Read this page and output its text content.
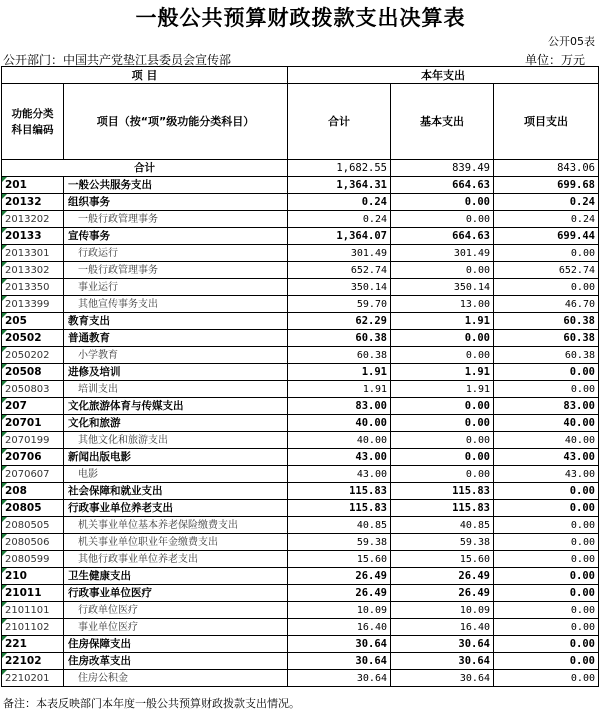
一般公共预算财政拨款支出决算表
公开05表
公开部门：中国共产党垫江县委员会宣传部	单位：万元
项 目		本年支出		
功能分类
科目编码	项目（按“项”级功能分类科目）	合计	基本支出	项目支出
合计		1,682.55	839.49	843.06
201	一般公共服务支出	1,364.31	664.63	699.68
20132	组织事务	0.24	0.00	0.24
2013202	一般行政管理事务	0.24	0.00	0.24
20133	宣传事务	1,364.07	664.63	699.44
2013301	行政运行	301.49	301.49	0.00
2013302	一般行政管理事务	652.74	0.00	652.74
2013350	事业运行	350.14	350.14	0.00
2013399	其他宣传事务支出	59.70	13.00	46.70
205	教育支出	62.29	1.91	60.38
20502	普通教育	60.38	0.00	60.38
2050202	小学教育	60.38	0.00	60.38
20508	进修及培训	1.91	1.91	0.00
2050803	培训支出	1.91	1.91	0.00
207	文化旅游体育与传媒支出	83.00	0.00	83.00
20701	文化和旅游	40.00	0.00	40.00
2070199	其他文化和旅游支出	40.00	0.00	40.00
20706	新闻出版电影	43.00	0.00	43.00
2070607	电影	43.00	0.00	43.00
208	社会保障和就业支出	115.83	115.83	0.00
20805	行政事业单位养老支出	115.83	115.83	0.00
2080505	机关事业单位基本养老保险缴费支出	40.85	40.85	0.00
2080506	机关事业单位职业年金缴费支出	59.38	59.38	0.00
2080599	其他行政事业单位养老支出	15.60	15.60	0.00
210	卫生健康支出	26.49	26.49	0.00
21011	行政事业单位医疗	26.49	26.49	0.00
2101101	行政单位医疗	10.09	10.09	0.00
2101102	事业单位医疗	16.40	16.40	0.00
221	住房保障支出	30.64	30.64	0.00
22102	住房改革支出	30.64	30.64	0.00
2210201	住房公积金	30.64	30.64	0.00
备注：本表反映部门本年度一般公共预算财政拨款支出情况。
